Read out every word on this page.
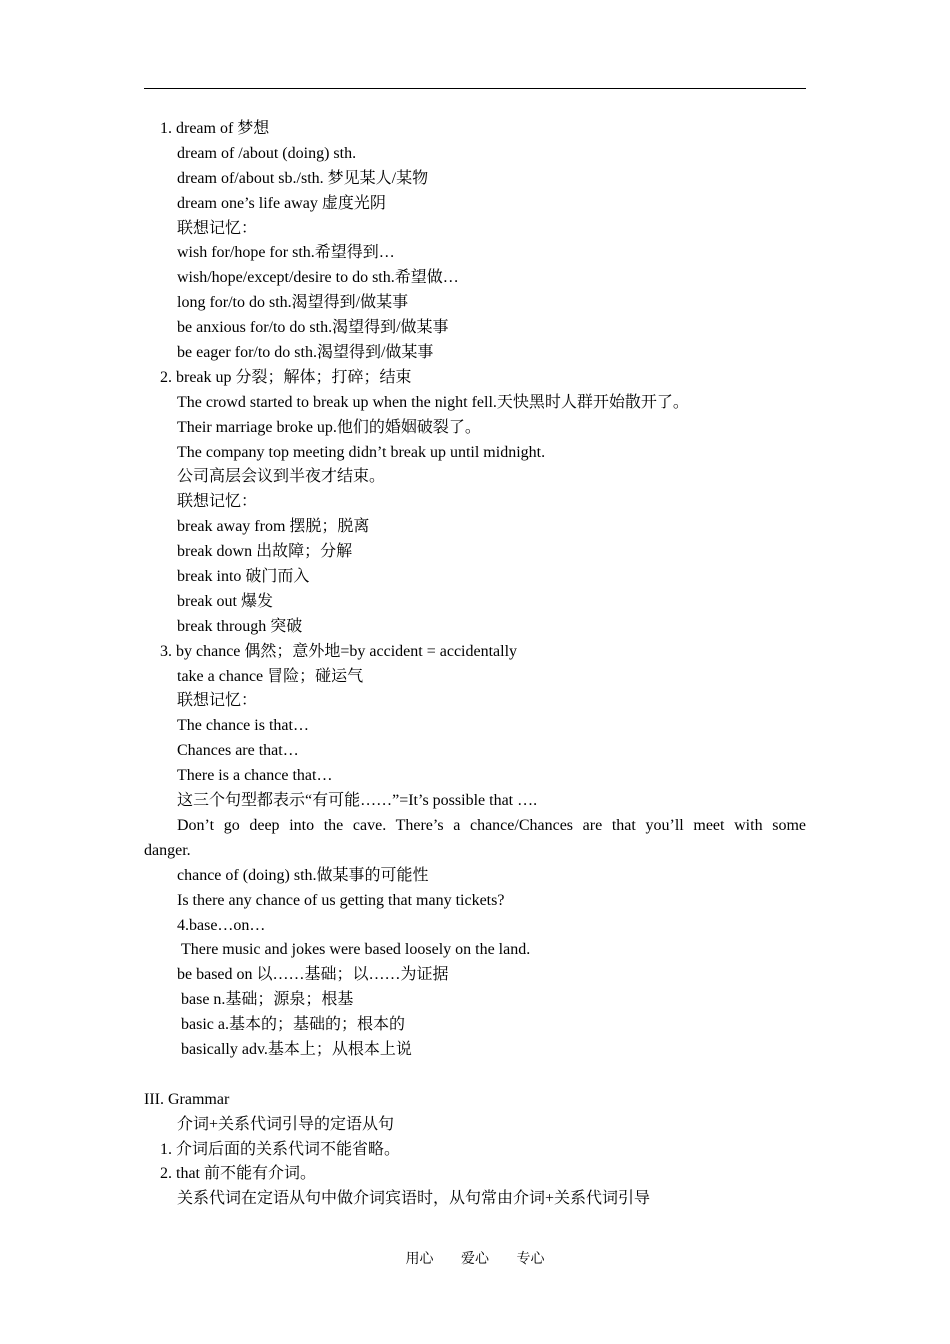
1. dream of 梦想
dream of /about (doing) sth.
dream of/about sb./sth. 梦见某人/某物
dream one’s life away 虚度光阴
联想记忆：
wish for/hope for sth.希望得到…
wish/hope/except/desire to do sth.希望做…
long for/to do sth.渴望得到/做某事
be anxious for/to do sth.渴望得到/做某事
be eager for/to do sth.渴望得到/做某事
2. break up 分裂；解体；打碎；结束
The crowd started to break up when the night fell.天快黑时人群开始散开了。
Their marriage broke up.他们的婚姻破裂了。
The company top meeting didn’t break up until midnight.
公司高层会议到半夜才结束。
联想记忆：
break away from 摆脱；脱离
break down 出故障；分解
break into 破门而入
break out 爆发
break through 突破
3. by chance 偶然；意外地=by accident = accidentally
take a chance 冒险；碰运气
联想记忆：
The chance is that…
Chances are that…
There is a chance that…
这三个句型都表示“有可能……”=It’s possible that ….
Don’t go deep into the cave. There’s a chance/Chances are that you’ll meet with some
danger.
chance of (doing) sth.做某事的可能性
Is there any chance of us getting that many tickets?
4.base…on…
There music and jokes were based loosely on the land.
be based on 以……基础；以……为证据
base n.基础；源泉；根基
basic a.基本的；基础的；根本的
basically adv.基本上；从根本上说
III. Grammar
介词+关系代词引导的定语从句
1. 介词后面的关系代词不能省略。
2. that 前不能有介词。
关系代词在定语从句中做介词宾语时，从句常由介词+关系代词引导
用心 爱心 专心
